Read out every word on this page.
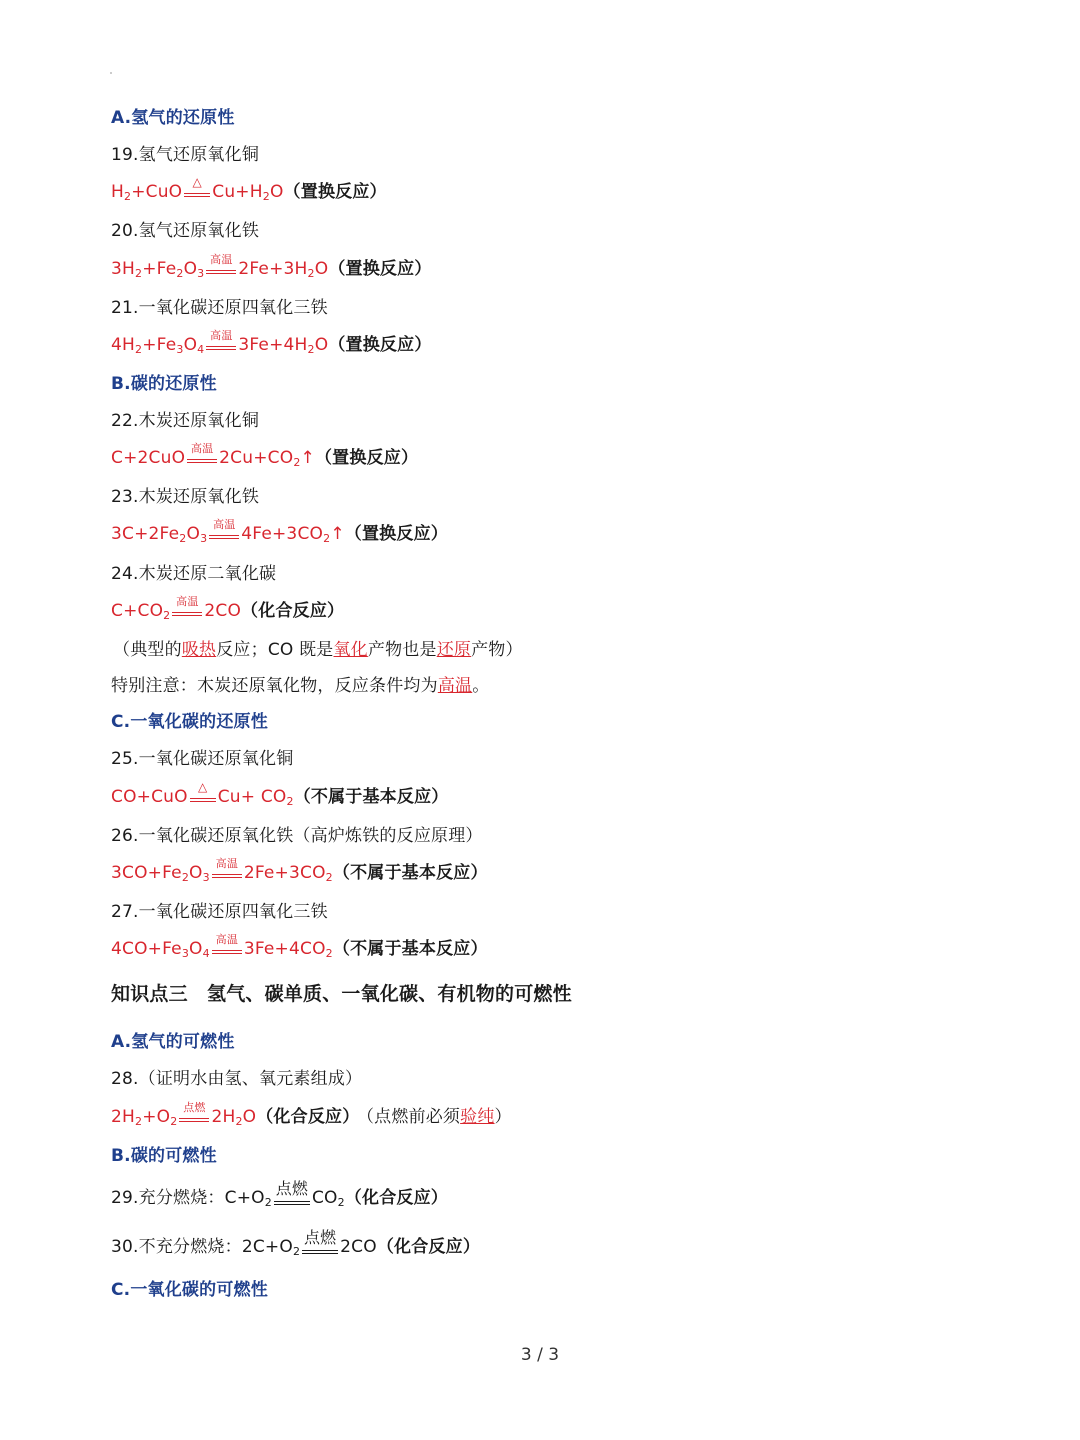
A.氢气的还原性
19.氢气还原氧化铜
$H_2+CuO$ △ $Cu+H_2O$（置换反应）
20.氢气还原氧化铁
$3H_2+Fe_2O_3$
高温 $2Fe+3H_2O$（置换反应）
21.一氧化碳还原四氧化三铁
$4H_2+Fe_3O_4$
高温 $3Fe+4H_2O$（置换反应）
B.碳的还原性
22.木炭还原氧化铜
C+2CuO 高温 $2Cu+CO_2↑$（置换反应）
23.木炭还原氧化铁
$3C+2Fe_2O_3$
高温 $4Fe+3CO_2↑$（置换反应）
24.木炭还原二氧化碳
$C+CO_2$
高温 2CO（化合反应）
（典型的吸热反应；CO 既是氧化产物也是还原产物）
特别注意：木炭还原氧化物，反应条件均为高温。
C.一氧化碳的还原性
25.一氧化碳还原氧化铜
CO+CuO △ $Cu+ CO_2$（不属于基本反应）
26.一氧化碳还原氧化铁（高炉炼铁的反应原理）
$3CO+Fe_2O_3$
高温 $2Fe+3CO_2$（不属于基本反应）
27.一氧化碳还原四氧化三铁
$4CO+Fe_3O_4$
高温 $3Fe+4CO_2$（不属于基本反应）
知识点三　氢气、碳单质、一氧化碳、有机物的可燃性
A.氢气的可燃性
28.（证明水由氢、氧元素组成）
$2H_2+O_2$
点燃 $2H_2O$（化合反应） （点燃前必须验纯）
B.碳的可燃性
29.充分燃烧：$C+O_2$
点燃 $CO_2$（化合反应）
30.不充分燃烧：$2C+O_2$
点燃 2CO（化合反应）
C.一氧化碳的可燃性
3 / 3
